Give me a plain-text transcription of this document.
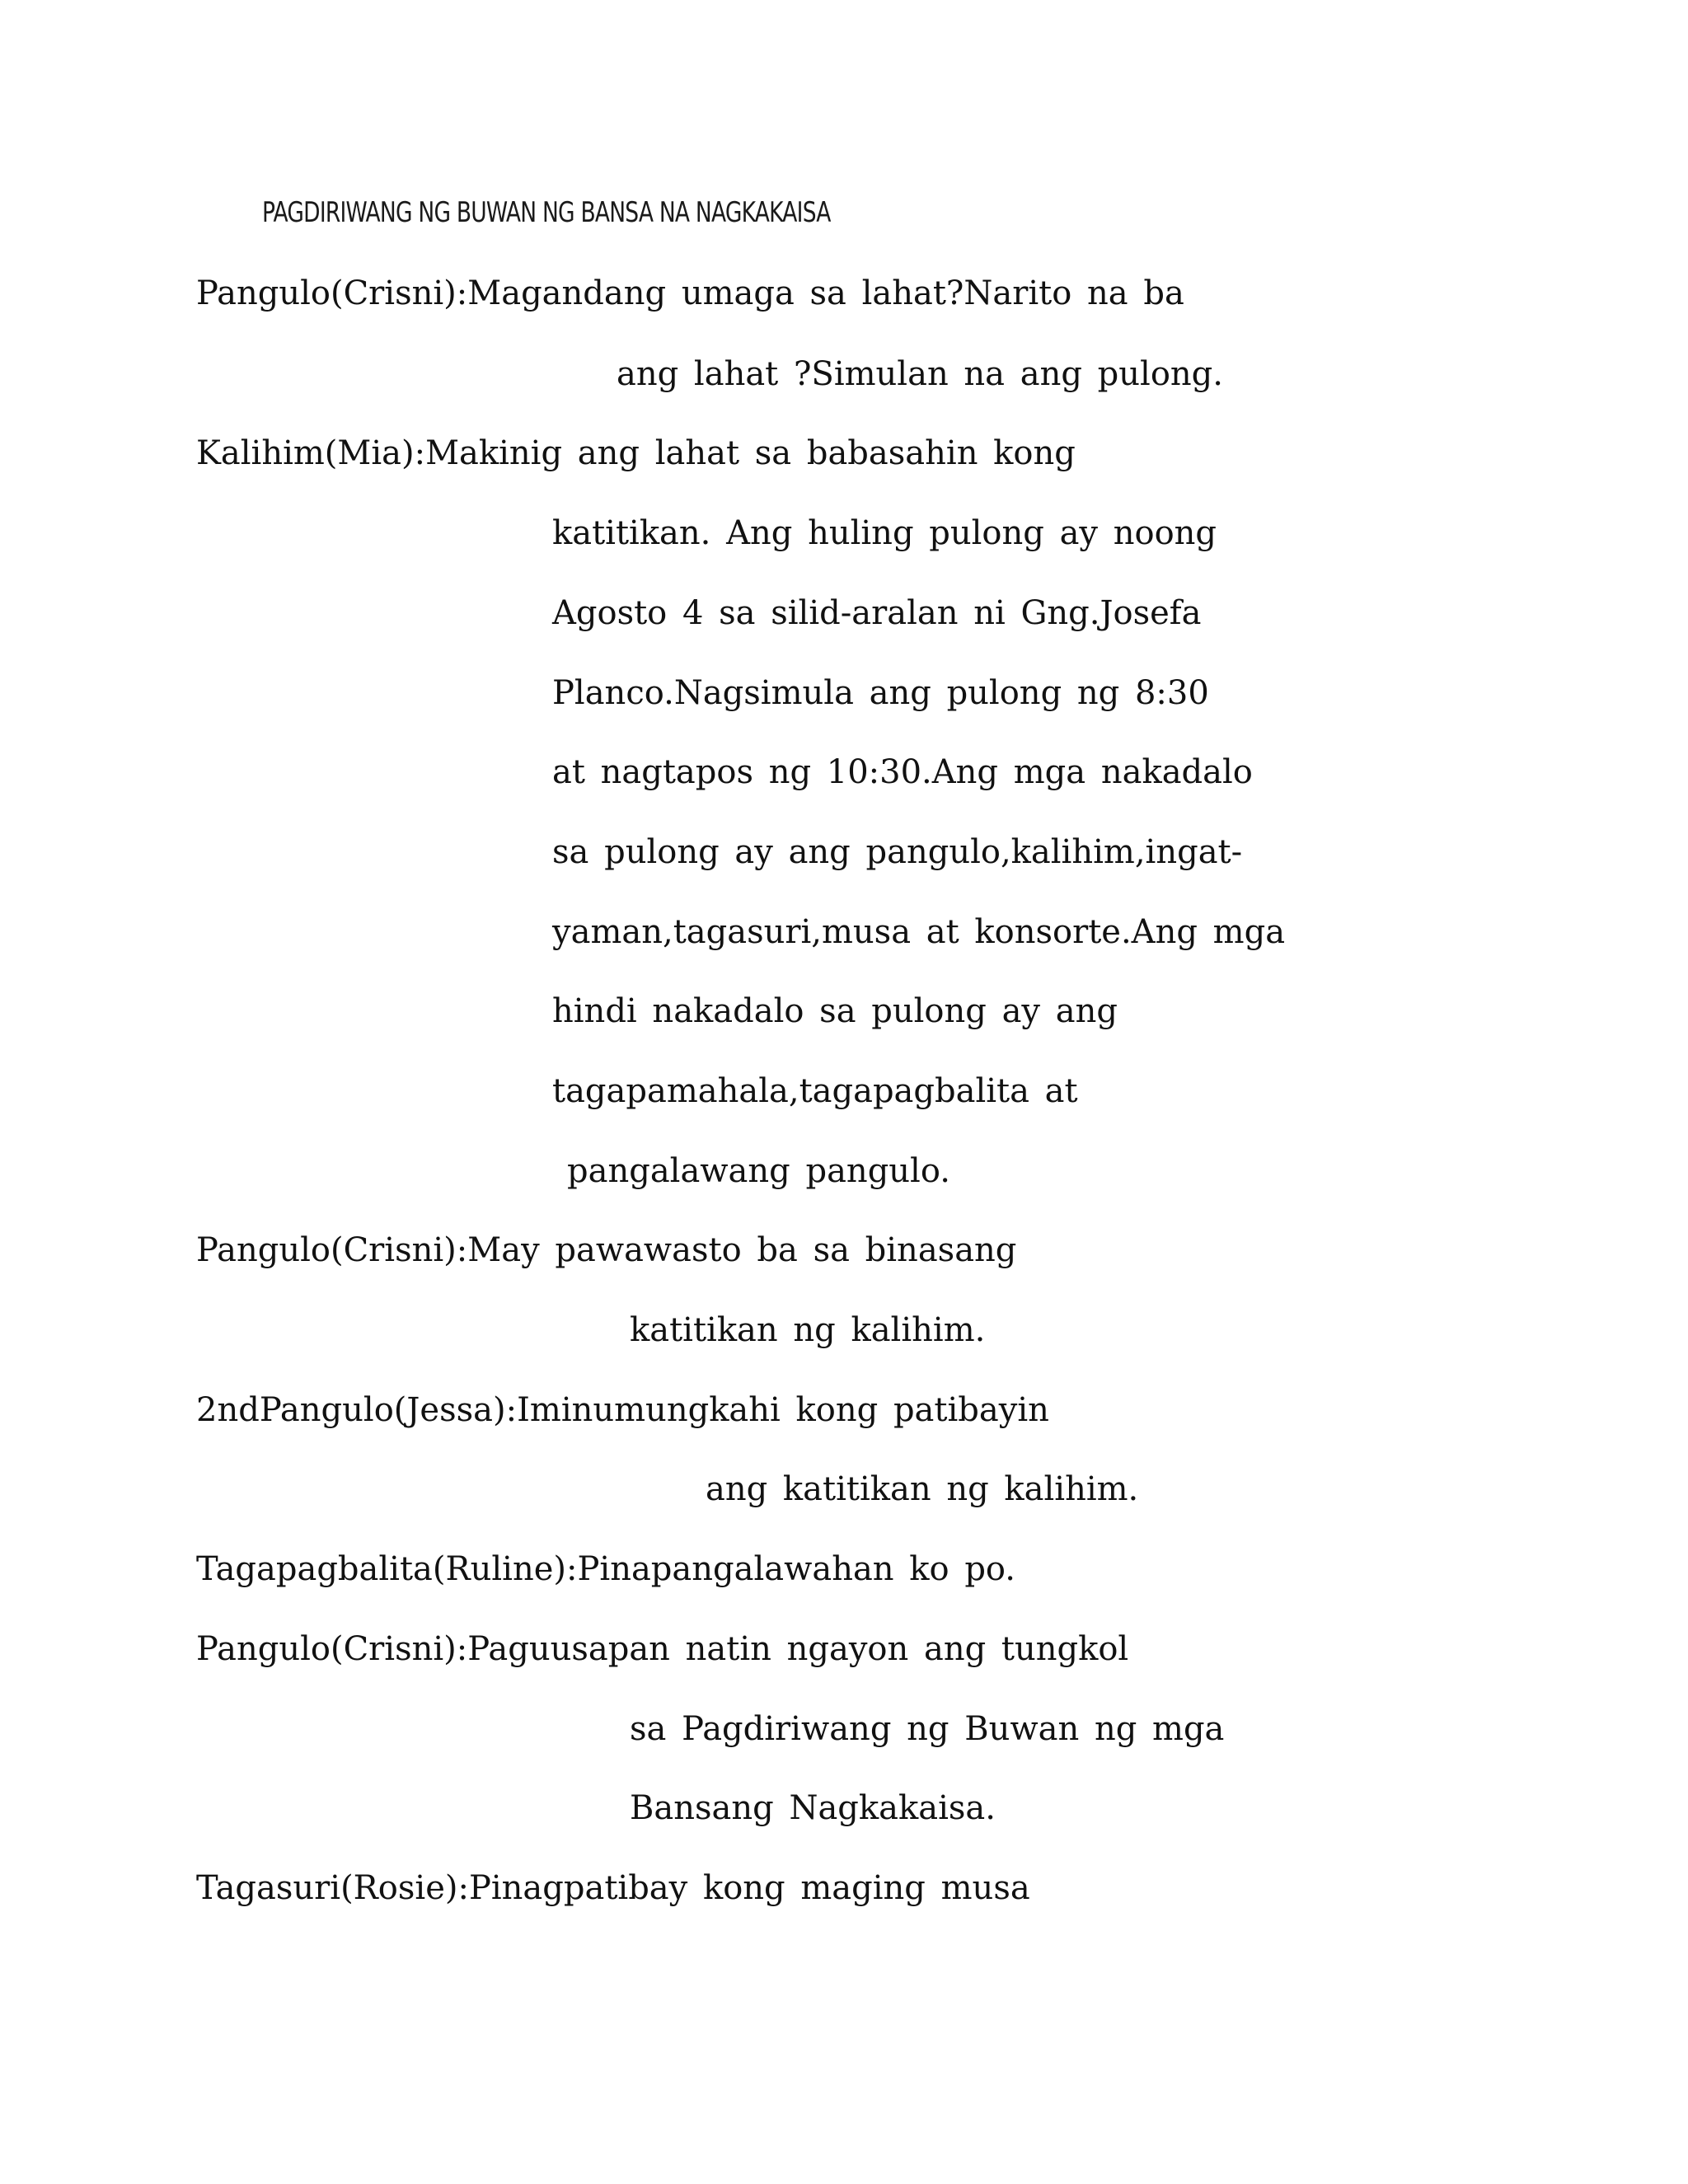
PAGDIRIWANG NG BUWAN NG BANSA NA NAGKAKAISA
Pangulo(Crisni):Magandang umaga sa lahat?Narito na ba
ang lahat ?Simulan na ang pulong.
Kalihim(Mia):Makinig ang lahat sa babasahin kong
katitikan. Ang huling pulong ay noong
Agosto 4 sa silid-aralan ni Gng.Josefa
Planco.Nagsimula ang pulong ng 8:30
at nagtapos ng 10:30.Ang mga nakadalo
sa pulong ay ang pangulo,kalihim,ingat-
yaman,tagasuri,musa at konsorte.Ang mga
hindi nakadalo sa pulong ay ang
tagapamahala,tagapagbalita at
pangalawang pangulo.
Pangulo(Crisni):May pawawasto ba sa binasang
katitikan ng kalihim.
2ndPangulo(Jessa):Iminumungkahi kong patibayin
ang katitikan ng kalihim.
Tagapagbalita(Ruline):Pinapangalawahan ko po.
Pangulo(Crisni):Paguusapan natin ngayon ang tungkol
sa Pagdiriwang ng Buwan ng mga
Bansang Nagkakaisa.
Tagasuri(Rosie):Pinagpatibay kong maging musa
